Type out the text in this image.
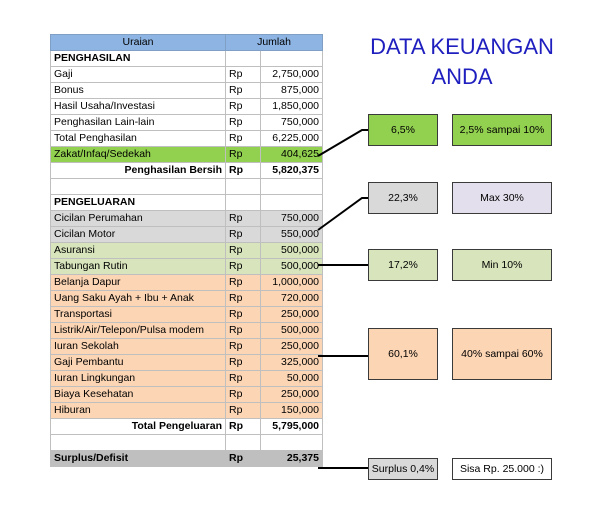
Uraian	Jumlah	
PENGHASILAN		
Gaji	Rp	2,750,000
Bonus	Rp	875,000
Hasil Usaha/Investasi	Rp	1,850,000
Penghasilan Lain-lain	Rp	750,000
Total Penghasilan	Rp	6,225,000
Zakat/Infaq/Sedekah	Rp	404,625
Penghasilan Bersih	Rp	5,820,375

PENGELUARAN		
Cicilan Perumahan	Rp	750,000
Cicilan Motor	Rp	550,000
Asuransi	Rp	500,000
Tabungan Rutin	Rp	500,000
Belanja Dapur	Rp	1,000,000
Uang Saku Ayah + Ibu + Anak	Rp	720,000
Transportasi	Rp	250,000
Listrik/Air/Telepon/Pulsa modem	Rp	500,000
Iuran Sekolah	Rp	250,000
Gaji Pembantu	Rp	325,000
Iuran Lingkungan	Rp	50,000
Biaya Kesehatan	Rp	250,000
Hiburan	Rp	150,000
Total Pengeluaran	Rp	5,795,000

Surplus/Defisit	Rp	25,375
DATA KEUANGAN
ANDA
6,5%	2,5% sampai 10%
22,3%	Max 30%
17,2%	Min 10%
60,1%	40% sampai 60%
Surplus 0,4%	Sisa Rp. 25.000 :)
